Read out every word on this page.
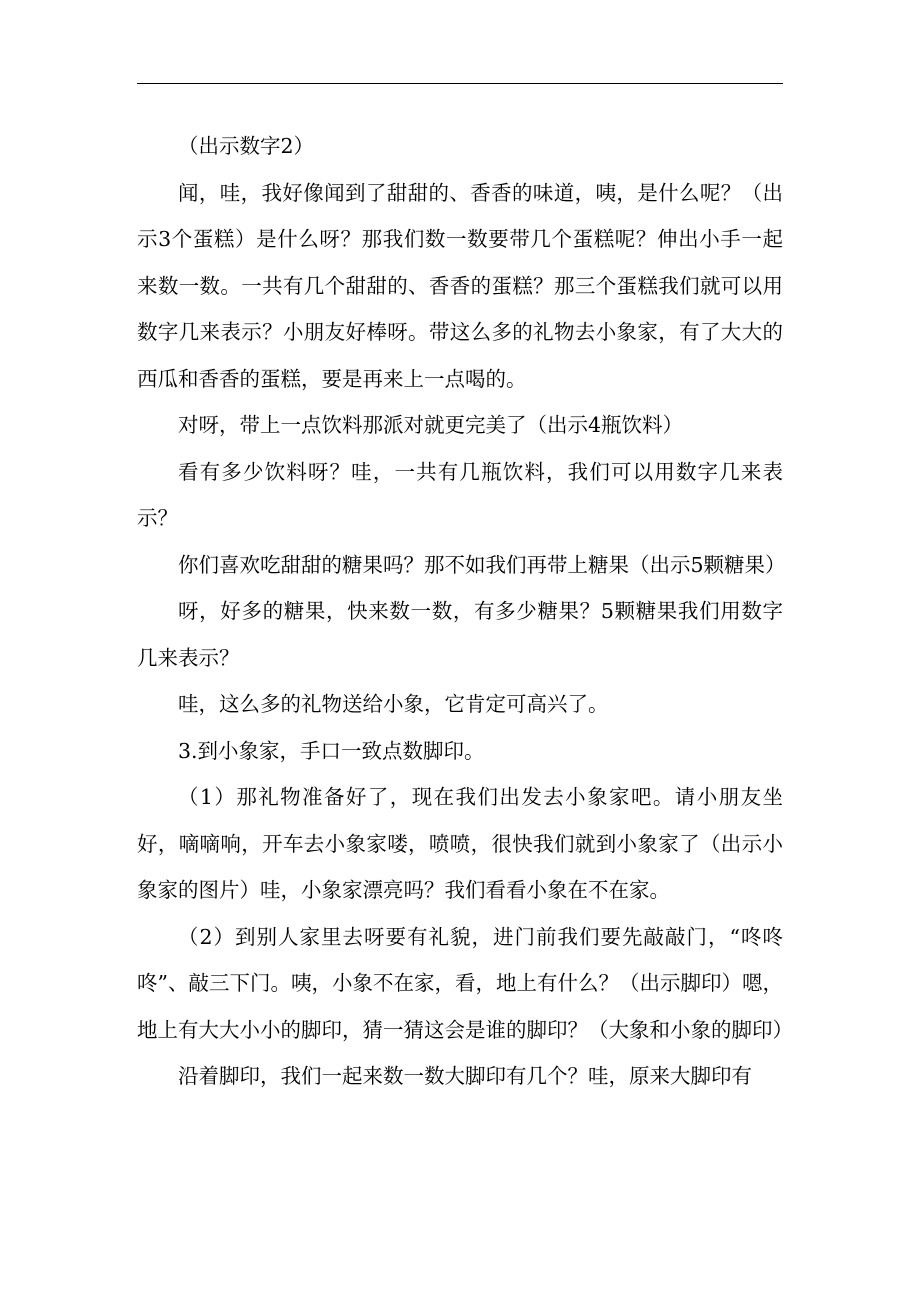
（出示数字2）

闻，哇，我好像闻到了甜甜的、香香的味道，咦，是什么呢？（出示3个蛋糕）是什么呀？那我们数一数要带几个蛋糕呢？伸出小手一起来数一数。一共有几个甜甜的、香香的蛋糕？那三个蛋糕我们就可以用数字几来表示？小朋友好棒呀。带这么多的礼物去小象家，有了大大的西瓜和香香的蛋糕，要是再来上一点喝的。

对呀，带上一点饮料那派对就更完美了（出示4瓶饮料）

看有多少饮料呀？哇，一共有几瓶饮料，我们可以用数字几来表示？

你们喜欢吃甜甜的糖果吗？那不如我们再带上糖果（出示5颗糖果）

呀，好多的糖果，快来数一数，有多少糖果？5颗糖果我们用数字几来表示？

哇，这么多的礼物送给小象，它肯定可高兴了。

3.到小象家，手口一致点数脚印。

（1）那礼物准备好了，现在我们出发去小象家吧。请小朋友坐好，嘀嘀响，开车去小象家喽，喷喷，很快我们就到小象家了（出示小象家的图片）哇，小象家漂亮吗？我们看看小象在不在家。

（2）到别人家里去呀要有礼貌，进门前我们要先敲敲门，“咚咚咚”、敲三下门。咦，小象不在家，看，地上有什么？（出示脚印）嗯，地上有大大小小的脚印，猜一猜这会是谁的脚印？（大象和小象的脚印）

沿着脚印，我们一起来数一数大脚印有几个？哇，原来大脚印有
